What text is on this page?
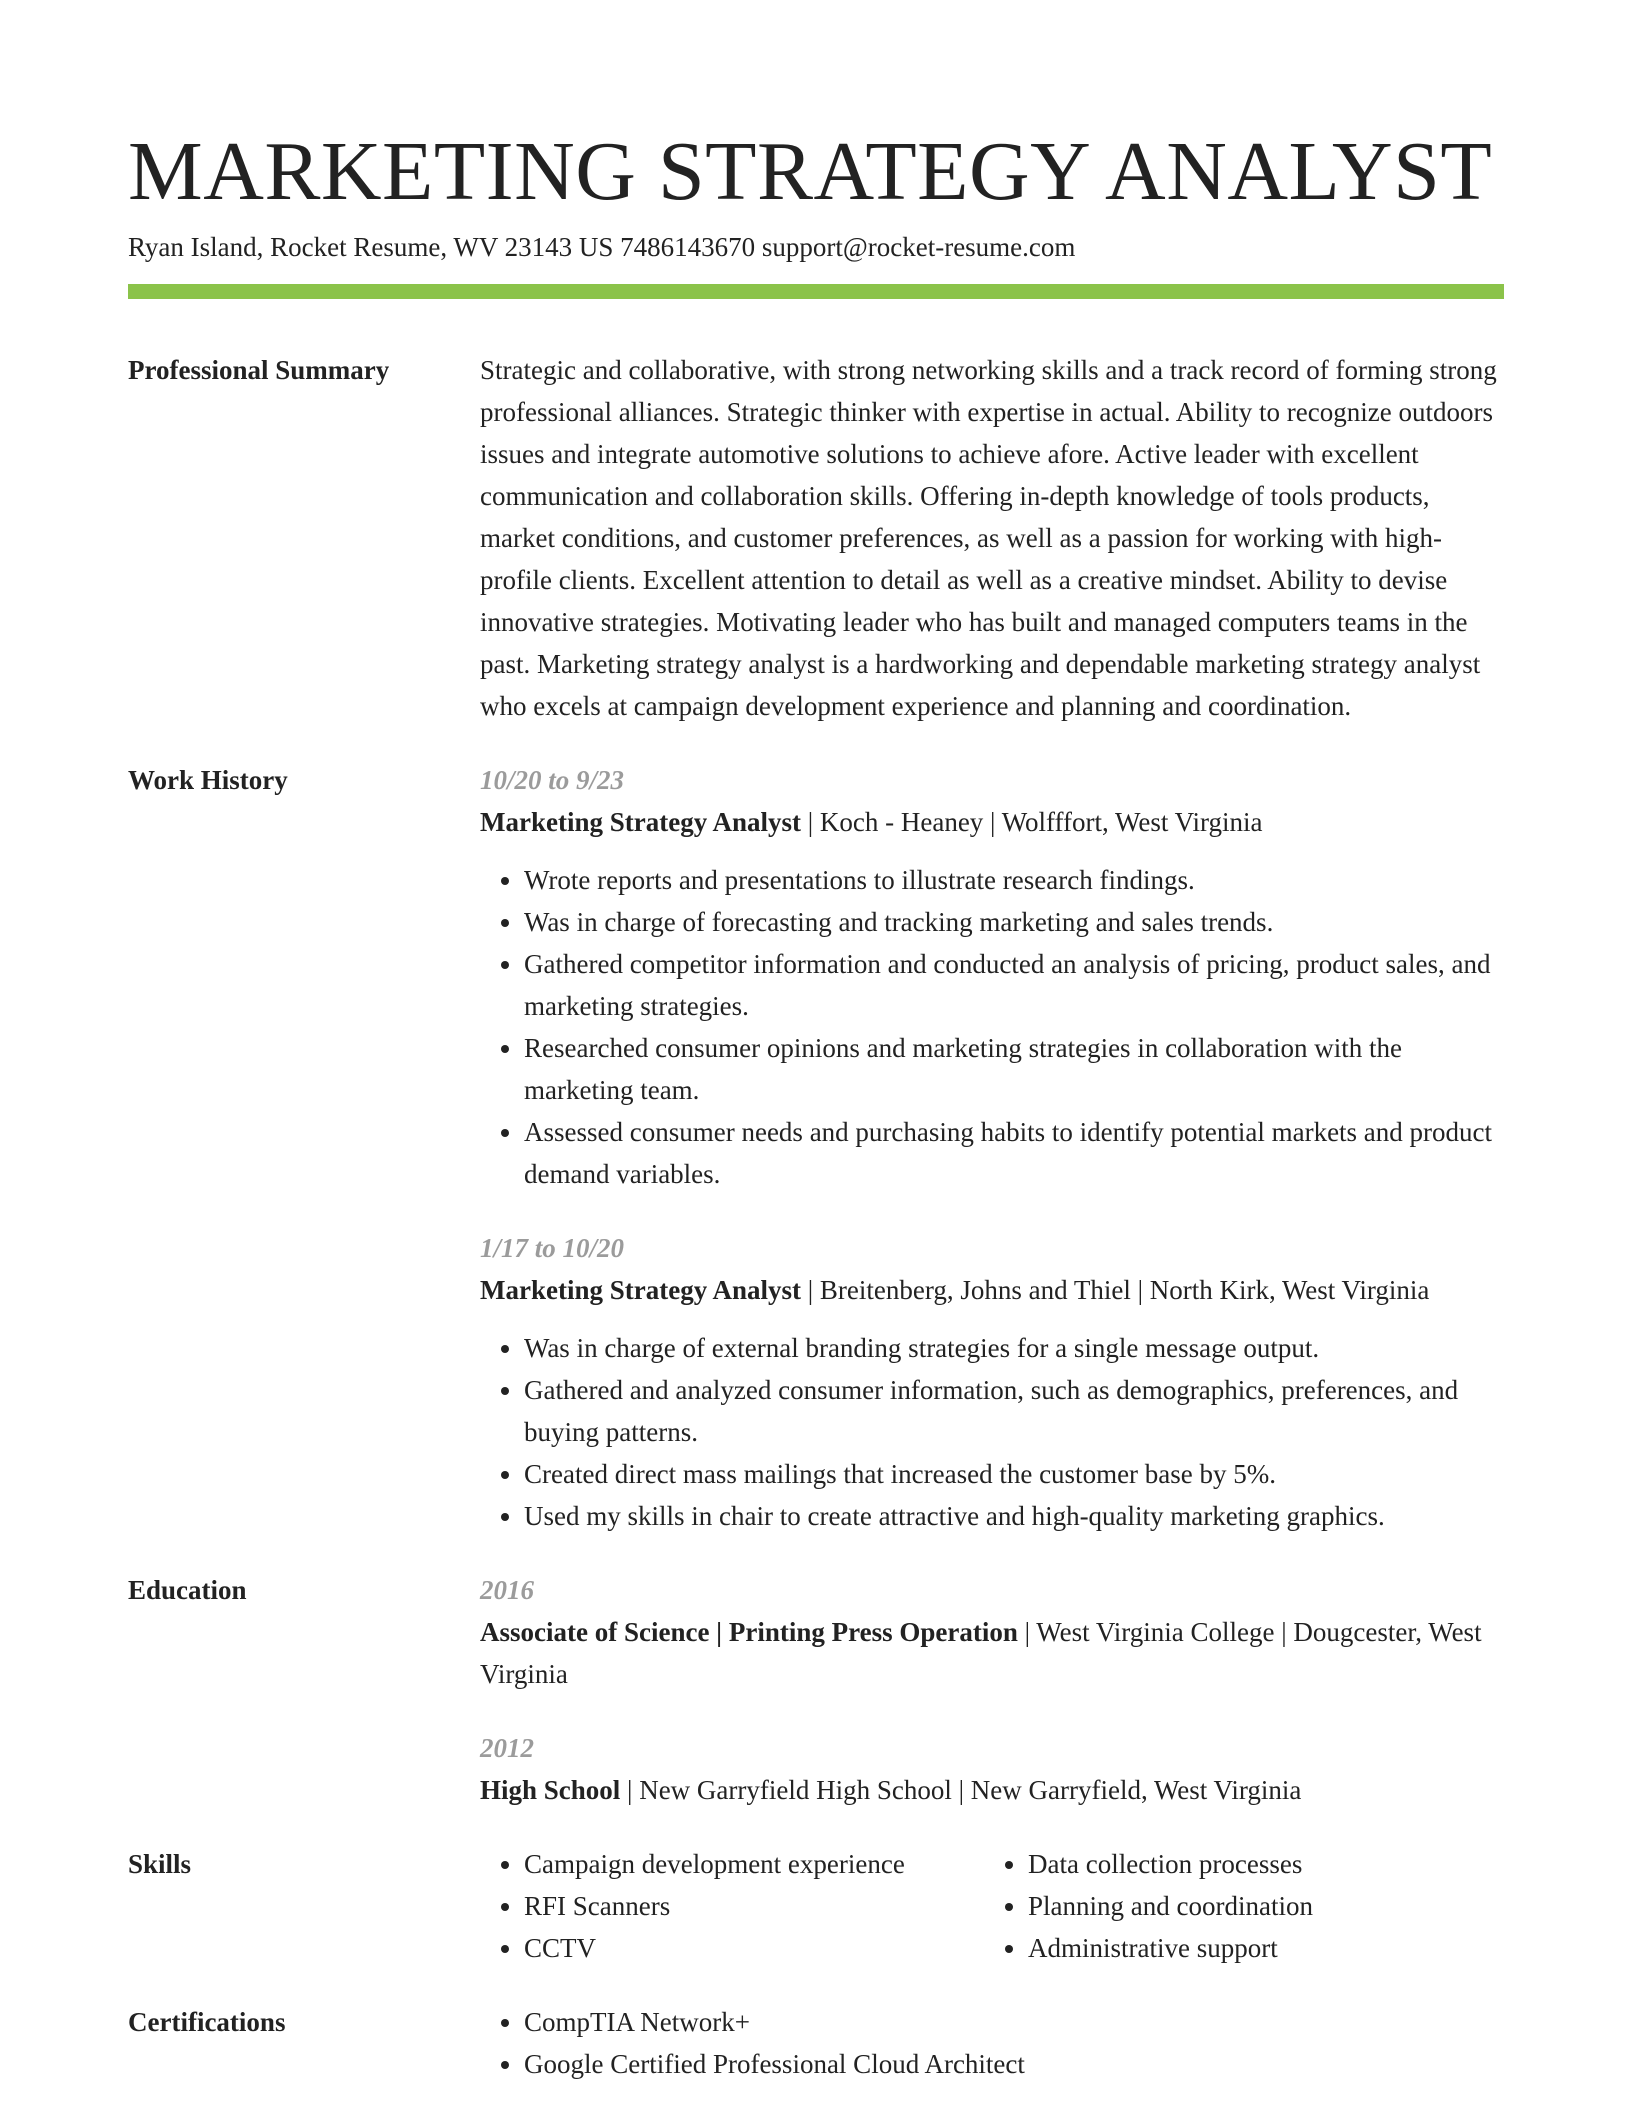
MARKETING STRATEGY ANALYST
Ryan Island, Rocket Resume, WV 23143 US 7486143670 support@rocket-resume.com
Professional Summary	Strategic and collaborative, with strong networking skills and a track record of forming strong professional alliances. Strategic thinker with expertise in actual. Ability to recognize outdoors issues and integrate automotive solutions to achieve afore. Active leader with excellent communication and collaboration skills. Offering in-depth knowledge of tools products, market conditions, and customer preferences, as well as a passion for working with high-profile clients. Excellent attention to detail as well as a creative mindset. Ability to devise innovative strategies. Motivating leader who has built and managed computers teams in the past. Marketing strategy analyst is a hardworking and dependable marketing strategy analyst who excels at campaign development experience and planning and coordination.

Work History	10/20 to 9/23
Marketing Strategy Analyst | Koch - Heaney | Wolfffort, West Virginia
• Wrote reports and presentations to illustrate research findings.
• Was in charge of forecasting and tracking marketing and sales trends.
• Gathered competitor information and conducted an analysis of pricing, product sales, and marketing strategies.
• Researched consumer opinions and marketing strategies in collaboration with the marketing team.
• Assessed consumer needs and purchasing habits to identify potential markets and product demand variables.
1/17 to 10/20
Marketing Strategy Analyst | Breitenberg, Johns and Thiel | North Kirk, West Virginia
• Was in charge of external branding strategies for a single message output.
• Gathered and analyzed consumer information, such as demographics, preferences, and buying patterns.
• Created direct mass mailings that increased the customer base by 5%.
• Used my skills in chair to create attractive and high-quality marketing graphics.
Education	2016
Associate of Science | Printing Press Operation | West Virginia College | Dougcester, West Virginia
2012
High School | New Garryfield High School | New Garryfield, West Virginia
Skills	• Campaign development experience
• RFI Scanners
• CCTV
• Data collection processes
• Planning and coordination
• Administrative support
Certifications	• CompTIA Network+
• Google Certified Professional Cloud Architect
